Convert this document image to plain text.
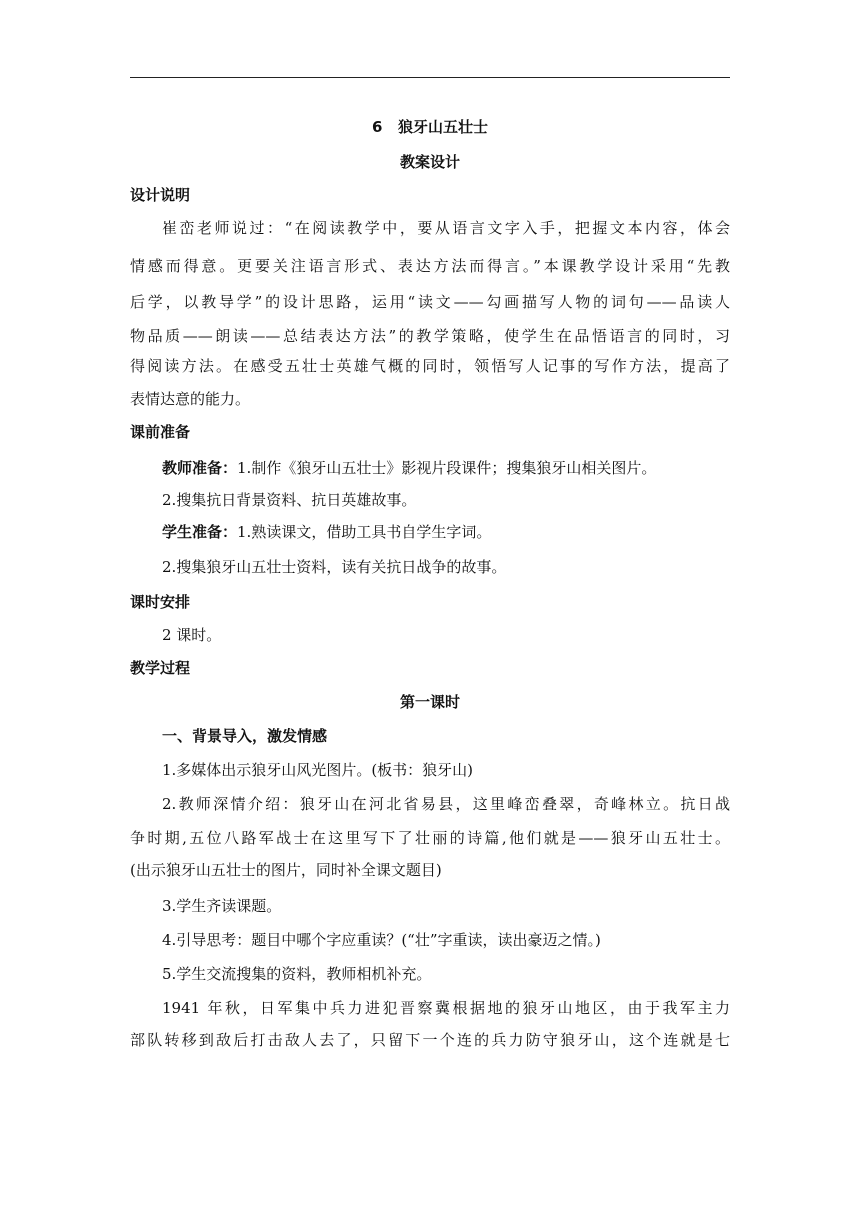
6 狼牙山五壮士
教案设计
设计说明
崔峦老师说过：“在阅读教学中，要从语言文字入手，把握文本内容，体会
情感而得意。更要关注语言形式、表达方法而得言。”本课教学设计采用“先教
后学，以教导学”的设计思路，运用“读文——勾画描写人物的词句——品读人
物品质——朗读——总结表达方法”的教学策略，使学生在品悟语言的同时，习
得阅读方法。在感受五壮士英雄气概的同时，领悟写人记事的写作方法，提高了
表情达意的能力。
课前准备
教师准备：1.制作《狼牙山五壮士》影视片段课件；搜集狼牙山相关图片。
2.搜集抗日背景资料、抗日英雄故事。
学生准备：1.熟读课文，借助工具书自学生字词。
2.搜集狼牙山五壮士资料，读有关抗日战争的故事。
课时安排
2 课时。
教学过程
第一课时
一、背景导入，激发情感
1.多媒体出示狼牙山风光图片。(板书：狼牙山)
2.教师深情介绍：狼牙山在河北省易县，这里峰峦叠翠，奇峰林立。抗日战
争时期,五位八路军战士在这里写下了壮丽的诗篇,他们就是——狼牙山五壮士。
(出示狼牙山五壮士的图片，同时补全课文题目)
3.学生齐读课题。
4.引导思考：题目中哪个字应重读？(“壮”字重读，读出豪迈之情。)
5.学生交流搜集的资料，教师相机补充。
1941 年秋，日军集中兵力进犯晋察冀根据地的狼牙山地区，由于我军主力
部队转移到敌后打击敌人去了，只留下一个连的兵力防守狼牙山，这个连就是七
